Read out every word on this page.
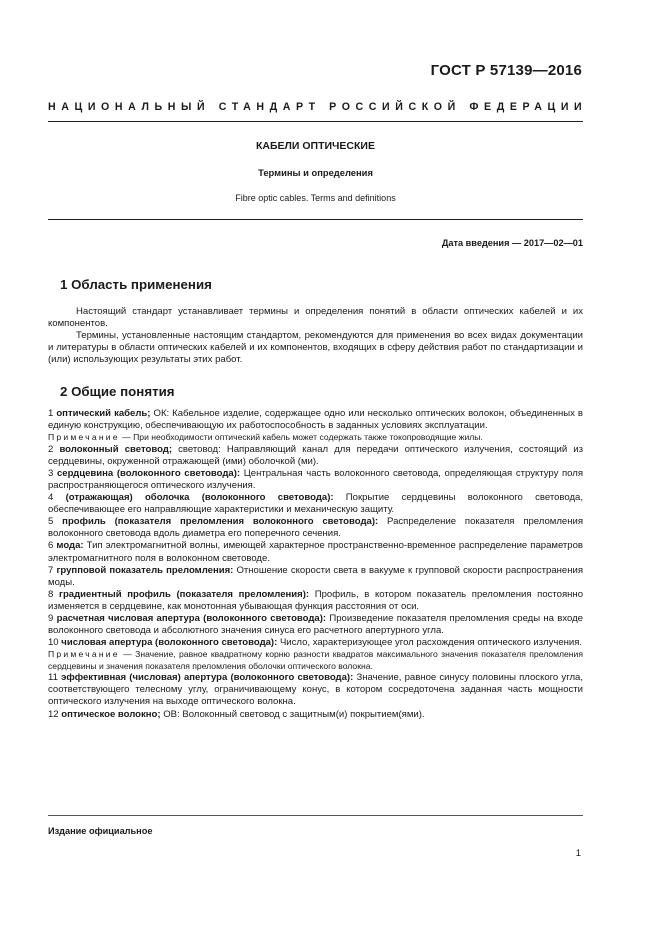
ГОСТ Р 57139—2016
НАЦИОНАЛЬНЫЙ СТАНДАРТ РОССИЙСКОЙ ФЕДЕРАЦИИ
КАБЕЛИ ОПТИЧЕСКИЕ
Термины и определения
Fibre optic cables. Terms and definitions
Дата введения — 2017—02—01
1 Область применения

Настоящий стандарт устанавливает термины и определения понятий в области оптических кабелей и их компонентов.

Термины, установленные настоящим стандартом, рекомендуются для применения во всех видах документации и литературы в области оптических кабелей и их компонентов, входящих в сферу действия работ по стандартизации и (или) использующих результаты этих работ.

2 Общие понятия

1 оптический кабель; ОК: Кабельное изделие, содержащее одно или несколько оптических волокон, объединенных в единую конструкцию, обеспечивающую их работоспособность в заданных условиях эксплуатации.

Примечание — При необходимости оптический кабель может содержать также токопроводящие жилы.

2 волоконный световод; световод: Направляющий канал для передачи оптического излучения, состоящий из сердцевины, окруженной отражающей (ими) оболочкой (ми).

3 сердцевина (волоконного световода): Центральная часть волоконного световода, определяющая структуру поля распространяющегося оптического излучения.

4 (отражающая) оболочка (волоконного световода): Покрытие сердцевины волоконного световода, обеспечивающее его направляющие характеристики и механическую защиту.

5 профиль (показателя преломления волоконного световода): Распределение показателя преломления волоконного световода вдоль диаметра его поперечного сечения.

6 мода: Тип электромагнитной волны, имеющей характерное пространственно-временное распределение параметров электромагнитного поля в волоконном световоде.

7 групповой показатель преломления: Отношение скорости света в вакууме к групповой скорости распространения моды.

8 градиентный профиль (показателя преломления): Профиль, в котором показатель преломления постоянно изменяется в сердцевине, как монотонная убывающая функция расстояния от оси.

9 расчетная числовая апертура (волоконного световода): Произведение показателя преломления среды на входе волоконного световода и абсолютного значения синуса его расчетного апертурного угла.

10 числовая апертура (волоконного световода): Число, характеризующее угол расхождения оптического излучения.

Примечание — Значение, равное квадратному корню разности квадратов максимального значения показателя преломления сердцевины и значения показателя преломления оболочки оптического волокна.

11 эффективная (числовая) апертура (волоконного световода): Значение, равное синусу половины плоского угла, соответствующего телесному углу, ограничивающему конус, в котором сосредоточена заданная часть мощности оптического излучения на выходе оптического волокна.

12 оптическое волокно; ОВ: Волоконный световод с защитным(и) покрытием(ями).

Издание официальное
1
